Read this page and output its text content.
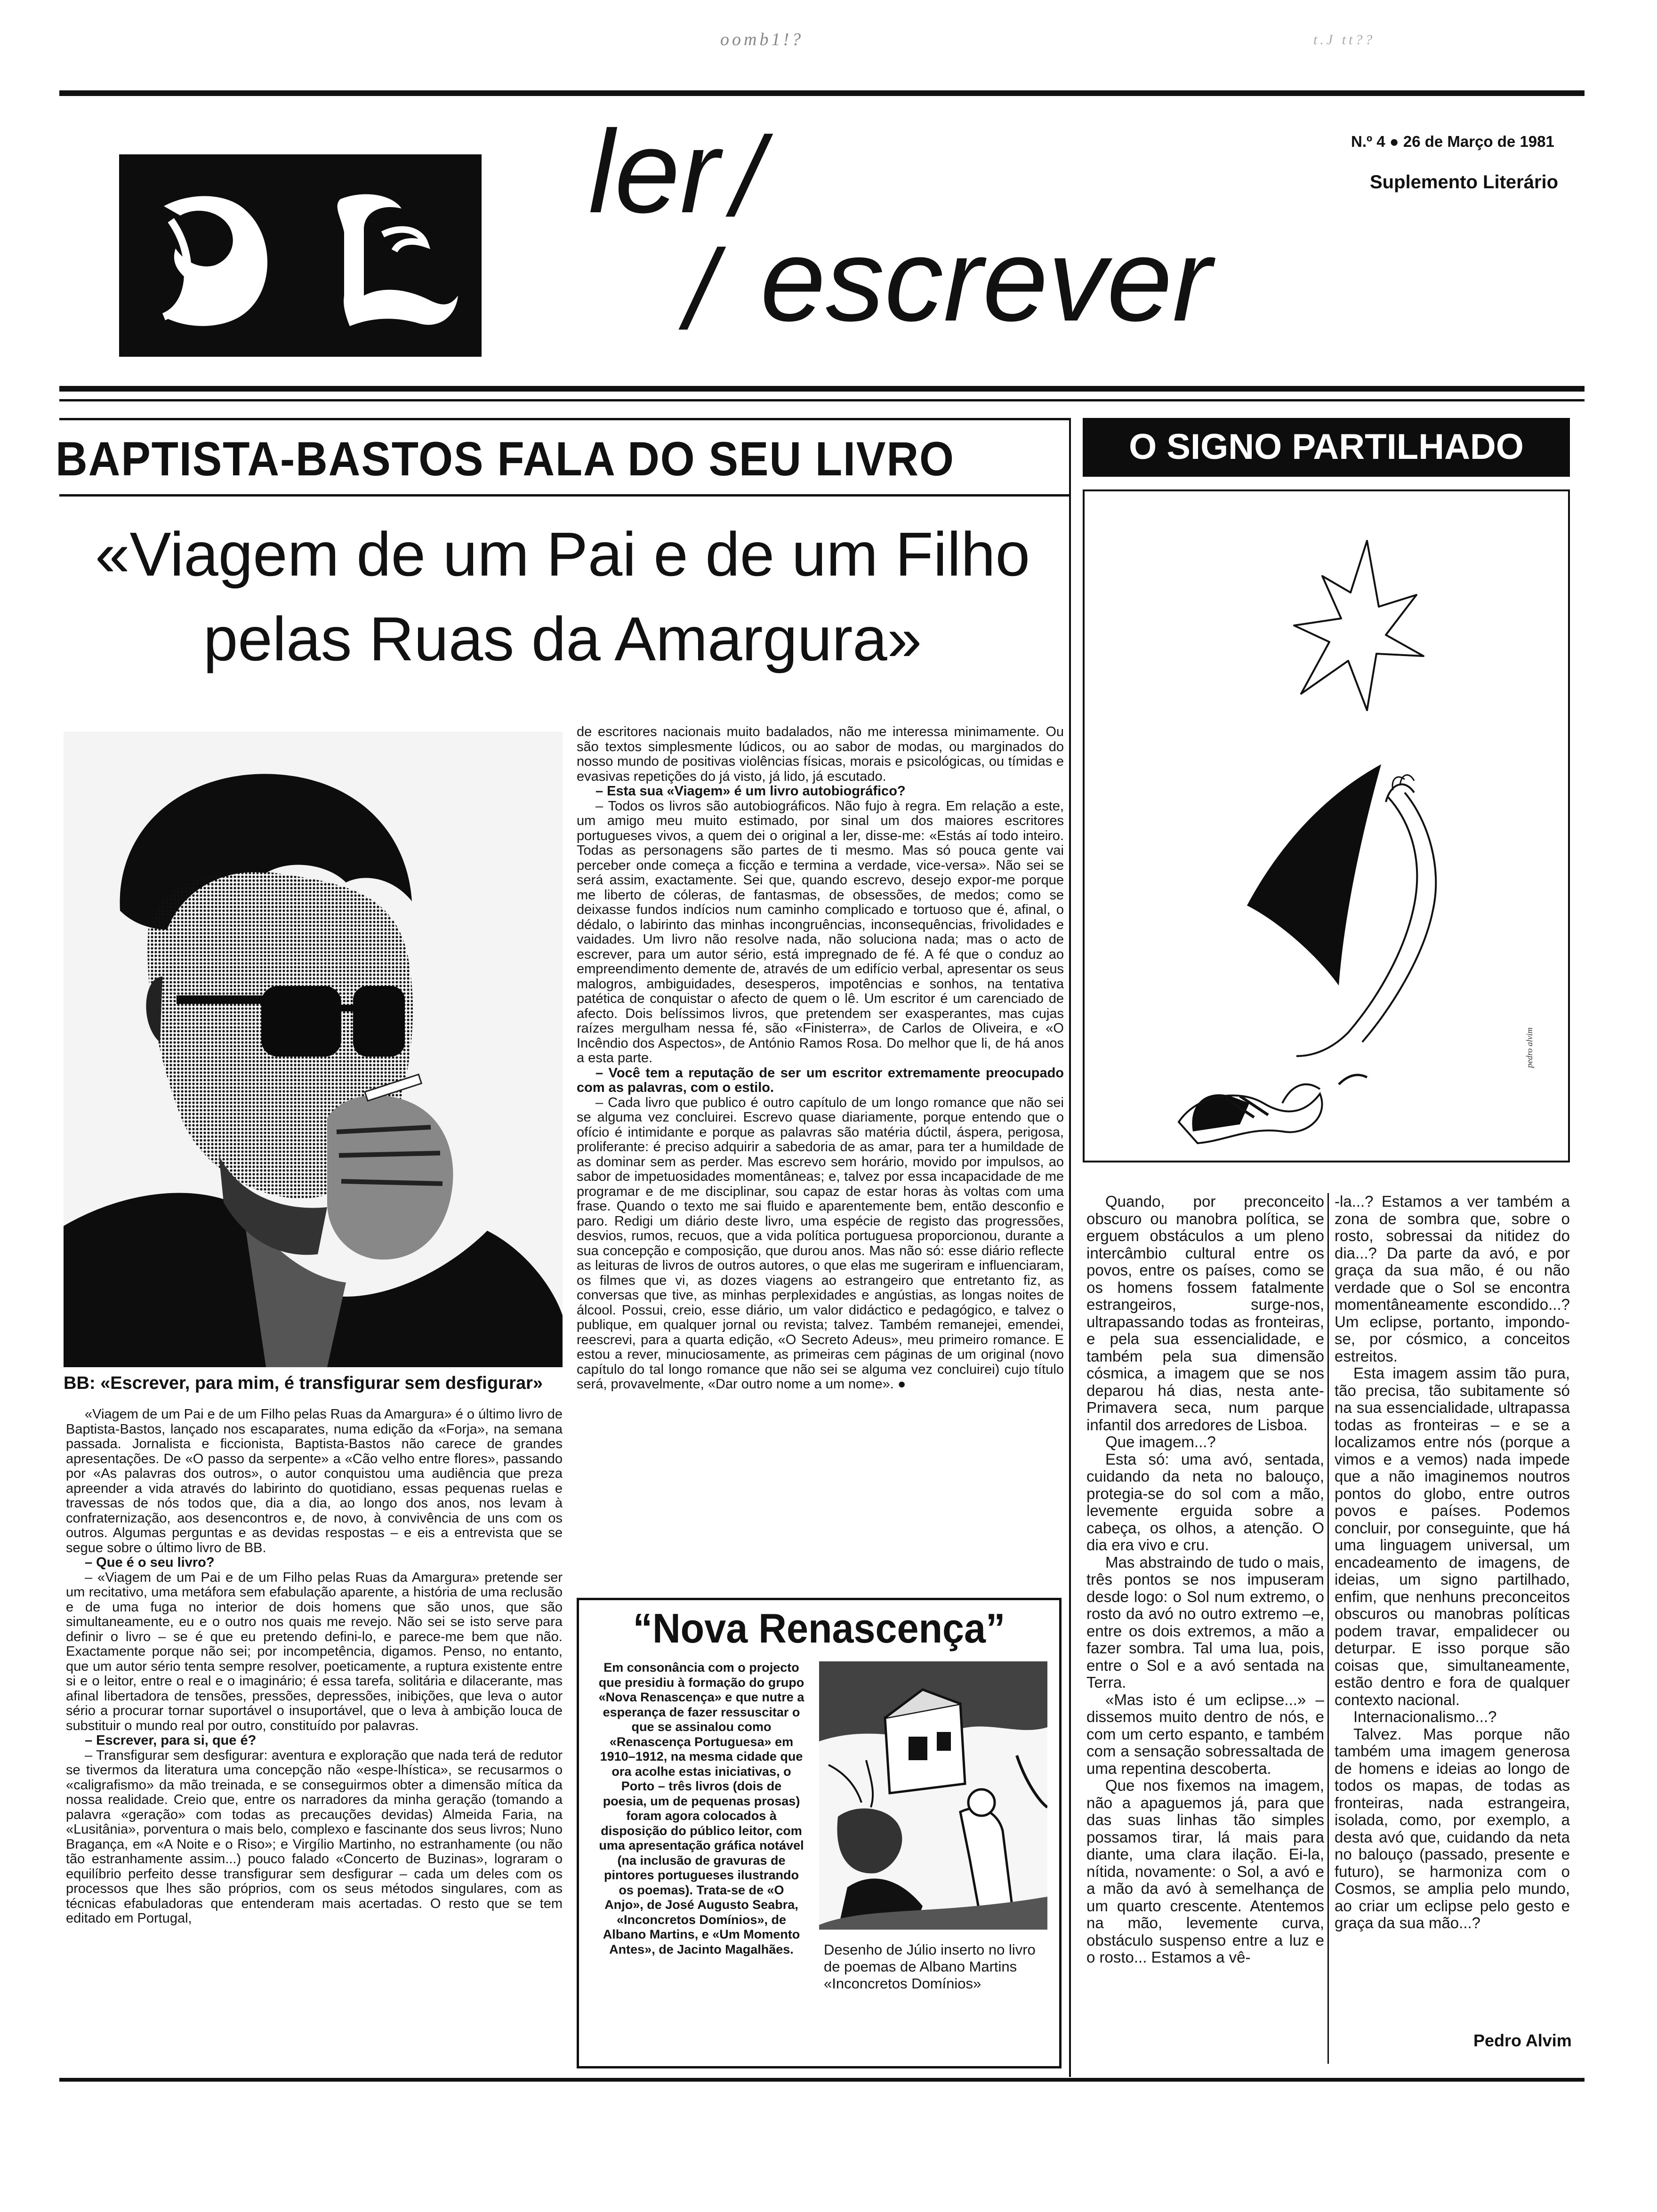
oomb1!?	t.J tt??
ler /
/ escrever
N.º 4 ● 26 de Março de 1981
Suplemento Literário
BAPTISTA-BASTOS FALA DO SEU LIVRO
«Viagem de um Pai e de um Filho
pelas Ruas da Amargura»
BB: «Escrever, para mim, é transfigurar sem desfigurar»

«Viagem de um Pai e de um Filho pelas Ruas da Amargura» é o último livro de Baptista-Bastos, lançado nos escaparates, numa edição da «Forja», na semana passada. Jornalista e ficcionista, Baptista-Bastos não carece de grandes apresentações. De «O passo da serpente» a «Cão velho entre flores», passando por «As palavras dos outros», o autor conquistou uma audiência que preza apreender a vida através do labirinto do quotidiano, essas pequenas ruelas e travessas de nós todos que, dia a dia, ao longo dos anos, nos levam à confraternização, aos desencontros e, de novo, à convivência de uns com os outros. Algumas perguntas e as devidas respostas – e eis a entrevista que se segue sobre o último livro de BB.

– Que é o seu livro?

– «Viagem de um Pai e de um Filho pelas Ruas da Amargura» pretende ser um recitativo, uma metáfora sem efabulação aparente, a história de uma reclusão e de uma fuga no interior de dois homens que são unos, que são simultaneamente, eu e o outro nos quais me revejo. Não sei se isto serve para definir o livro – se é que eu pretendo defini-lo, e parece-me bem que não. Exactamente porque não sei; por incompetência, digamos. Penso, no entanto, que um autor sério tenta sempre resolver, poeticamente, a ruptura existente entre si e o leitor, entre o real e o imaginário; é essa tarefa, solitária e dilacerante, mas afinal libertadora de tensões, pressões, depressões, inibições, que leva o autor sério a procurar tornar suportável o insuportável, que o leva à ambição louca de substituir o mundo real por outro, constituído por palavras.

– Escrever, para si, que é?

– Transfigurar sem desfigurar: aventura e exploração que nada terá de redutor se tivermos da literatura uma concepção não «espe-lhística», se recusarmos o «caligrafismo» da mão treinada, e se conseguirmos obter a dimensão mítica da nossa realidade. Creio que, entre os narradores da minha geração (tomando a palavra «geração» com todas as precauções devidas) Almeida Faria, na «Lusitânia», porventura o mais belo, complexo e fascinante dos seus livros; Nuno Bragança, em «A Noite e o Riso»; e Virgílio Martinho, no estranhamente (ou não tão estranhamente assim...) pouco falado «Concerto de Buzinas», lograram o equilíbrio perfeito desse transfigurar sem desfigurar – cada um deles com os processos que lhes são próprios, com os seus métodos singulares, com as técnicas efabuladoras que entenderam mais acertadas. O resto que se tem editado em Portugal,

de escritores nacionais muito badalados, não me interessa minimamente. Ou são textos simplesmente lúdicos, ou ao sabor de modas, ou marginados do nosso mundo de positivas violências físicas, morais e psicológicas, ou tímidas e evasivas repetições do já visto, já lido, já escutado.

– Esta sua «Viagem» é um livro autobiográfico?

– Todos os livros são autobiográficos. Não fujo à regra. Em relação a este, um amigo meu muito estimado, por sinal um dos maiores escritores portugueses vivos, a quem dei o original a ler, disse-me: «Estás aí todo inteiro. Todas as personagens são partes de ti mesmo. Mas só pouca gente vai perceber onde começa a ficção e termina a verdade, vice-versa». Não sei se será assim, exactamente. Sei que, quando escrevo, desejo expor-me porque me liberto de cóleras, de fantasmas, de obsessões, de medos; como se deixasse fundos indícios num caminho complicado e tortuoso que é, afinal, o dédalo, o labirinto das minhas incongruências, inconsequências, frivolidades e vaidades. Um livro não resolve nada, não soluciona nada; mas o acto de escrever, para um autor sério, está impregnado de fé. A fé que o conduz ao empreendimento demente de, através de um edifício verbal, apresentar os seus malogros, ambiguidades, desesperos, impotências e sonhos, na tentativa patética de conquistar o afecto de quem o lê. Um escritor é um carenciado de afecto. Dois belíssimos livros, que pretendem ser exasperantes, mas cujas raízes mergulham nessa fé, são «Finisterra», de Carlos de Oliveira, e «O Incêndio dos Aspectos», de António Ramos Rosa. Do melhor que li, de há anos a esta parte.

– Você tem a reputação de ser um escritor extremamente preocupado com as palavras, com o estilo.

– Cada livro que publico é outro capítulo de um longo romance que não sei se alguma vez concluirei. Escrevo quase diariamente, porque entendo que o ofício é intimidante e porque as palavras são matéria dúctil, áspera, perigosa, proliferante: é preciso adquirir a sabedoria de as amar, para ter a humildade de as dominar sem as perder. Mas escrevo sem horário, movido por impulsos, ao sabor de impetuosidades momentâneas; e, talvez por essa incapacidade de me programar e de me disciplinar, sou capaz de estar horas às voltas com uma frase. Quando o texto me sai fluido e aparentemente bem, então desconfio e paro. Redigi um diário deste livro, uma espécie de registo das progressões, desvios, rumos, recuos, que a vida política portuguesa proporcionou, durante a sua concepção e composição, que durou anos. Mas não só: esse diário reflecte as leituras de livros de outros autores, o que elas me sugeriram e influenciaram, os filmes que vi, as dozes viagens ao estrangeiro que entretanto fiz, as conversas que tive, as minhas perplexidades e angústias, as longas noites de álcool. Possui, creio, esse diário, um valor didáctico e pedagógico, e talvez o publique, em qualquer jornal ou revista; talvez. Também remanejei, emendei, reescrevi, para a quarta edição, «O Secreto Adeus», meu primeiro romance. E estou a rever, minuciosamente, as primeiras cem páginas de um original (novo capítulo do tal longo romance que não sei se alguma vez concluirei) cujo título será, provavelmente, «Dar outro nome a um nome». ●

“Nova Renascença”
Em consonância com o projecto que presidiu à formação do grupo «Nova Renascença» e que nutre a esperança de fazer ressuscitar o que se assinalou como «Renascença Portuguesa» em 1910–1912, na mesma cidade que ora acolhe estas iniciativas, o Porto – três livros (dois de poesia, um de pequenas prosas) foram agora colocados à disposição do público leitor, com uma apresentação gráfica notável (na inclusão de gravuras de pintores portugueses ilustrando os poemas). Trata-se de «O Anjo», de José Augusto Seabra, «Inconcretos Domínios», de Albano Martins, e «Um Momento Antes», de Jacinto Magalhães.	Desenho de Júlio inserto no livro de poemas de Albano Martins «Inconcretos Domínios»
O SIGNO PARTILHADO
pedro alvim

Quando, por preconceito obscuro ou manobra política, se erguem obstáculos a um pleno intercâmbio cultural entre os povos, entre os países, como se os homens fossem fatalmente estrangeiros, surge-nos, ultrapassando todas as fronteiras, e pela sua essencialidade, e também pela sua dimensão cósmica, a imagem que se nos deparou há dias, nesta ante-Primavera seca, num parque infantil dos arredores de Lisboa.

Que imagem...?

Esta só: uma avó, sentada, cuidando da neta no balouço, protegia-se do sol com a mão, levemente erguida sobre a cabeça, os olhos, a atenção. O dia era vivo e cru.

Mas abstraindo de tudo o mais, três pontos se nos impuseram desde logo: o Sol num extremo, o rosto da avó no outro extremo –e, entre os dois extremos, a mão a fazer sombra. Tal uma lua, pois, entre o Sol e a avó sentada na Terra.

«Mas isto é um eclipse...» – dissemos muito dentro de nós, e com um certo espanto, e também com a sensação sobressaltada de uma repentina descoberta.

Que nos fixemos na imagem, não a apaguemos já, para que das suas linhas tão simples possamos tirar, lá mais para diante, uma clara ilação. Ei-la, nítida, novamente: o Sol, a avó e a mão da avó à semelhança de um quarto crescente. Atentemos na mão, levemente curva, obstáculo suspenso entre a luz e o rosto... Estamos a vê-

-la...? Estamos a ver também a zona de sombra que, sobre o rosto, sobressai da nitidez do dia...? Da parte da avó, e por graça da sua mão, é ou não verdade que o Sol se encontra momentâneamente escondido...? Um eclipse, portanto, impondo-se, por cósmico, a conceitos estreitos.

Esta imagem assim tão pura, tão precisa, tão subitamente só na sua essencialidade, ultrapassa todas as fronteiras – e se a localizamos entre nós (porque a vimos e a vemos) nada impede que a não imaginemos noutros pontos do globo, entre outros povos e países. Podemos concluir, por conseguinte, que há uma linguagem universal, um encadeamento de imagens, de ideias, um signo partilhado, enfim, que nenhuns preconceitos obscuros ou manobras políticas podem travar, empalidecer ou deturpar. E isso porque são coisas que, simultaneamente, estão dentro e fora de qualquer contexto nacional.

Internacionalismo...?

Talvez. Mas porque não também uma imagem generosa de homens e ideias ao longo de todos os mapas, de todas as fronteiras, nada estrangeira, isolada, como, por exemplo, a desta avó que, cuidando da neta no balouço (passado, presente e futuro), se harmoniza com o Cosmos, se amplia pelo mundo, ao criar um eclipse pelo gesto e graça da sua mão...?

Pedro Alvim
